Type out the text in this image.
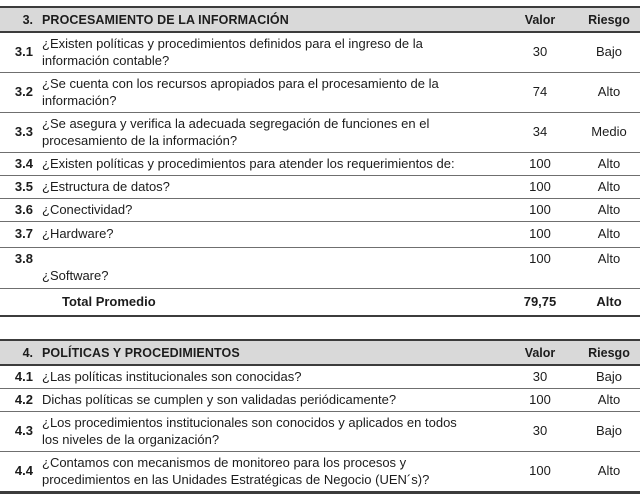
3.	PROCESAMIENTO DE LA INFORMACIÓN	Valor	Riesgo
3.1	¿Existen políticas y procedimientos definidos para el ingreso de la información contable?	30	Bajo
3.2	¿Se cuenta con los recursos apropiados para el procesamiento de la información?	74	Alto
3.3	¿Se asegura y verifica la adecuada segregación de funciones en el procesamiento de la información?	34	Medio
3.4	¿Existen políticas y procedimientos para atender los requerimientos de:	100	Alto
3.5	¿Estructura de datos?	100	Alto
3.6	¿Conectividad?	100	Alto
3.7	¿Hardware?	100	Alto
3.8	¿Software?	100	Alto
	Total Promedio	79,75	Alto
4.	POLÍTICAS Y PROCEDIMIENTOS	Valor	Riesgo
4.1	¿Las políticas institucionales son conocidas?	30	Bajo
4.2	Dichas políticas se cumplen y son validadas periódicamente?	100	Alto
4.3	¿Los procedimientos institucionales son conocidos y aplicados en todos los niveles de la organización?	30	Bajo
4.4	¿Contamos con mecanismos de monitoreo para los procesos y procedimientos en las Unidades Estratégicas de Negocio (UEN´s)?	100	Alto
